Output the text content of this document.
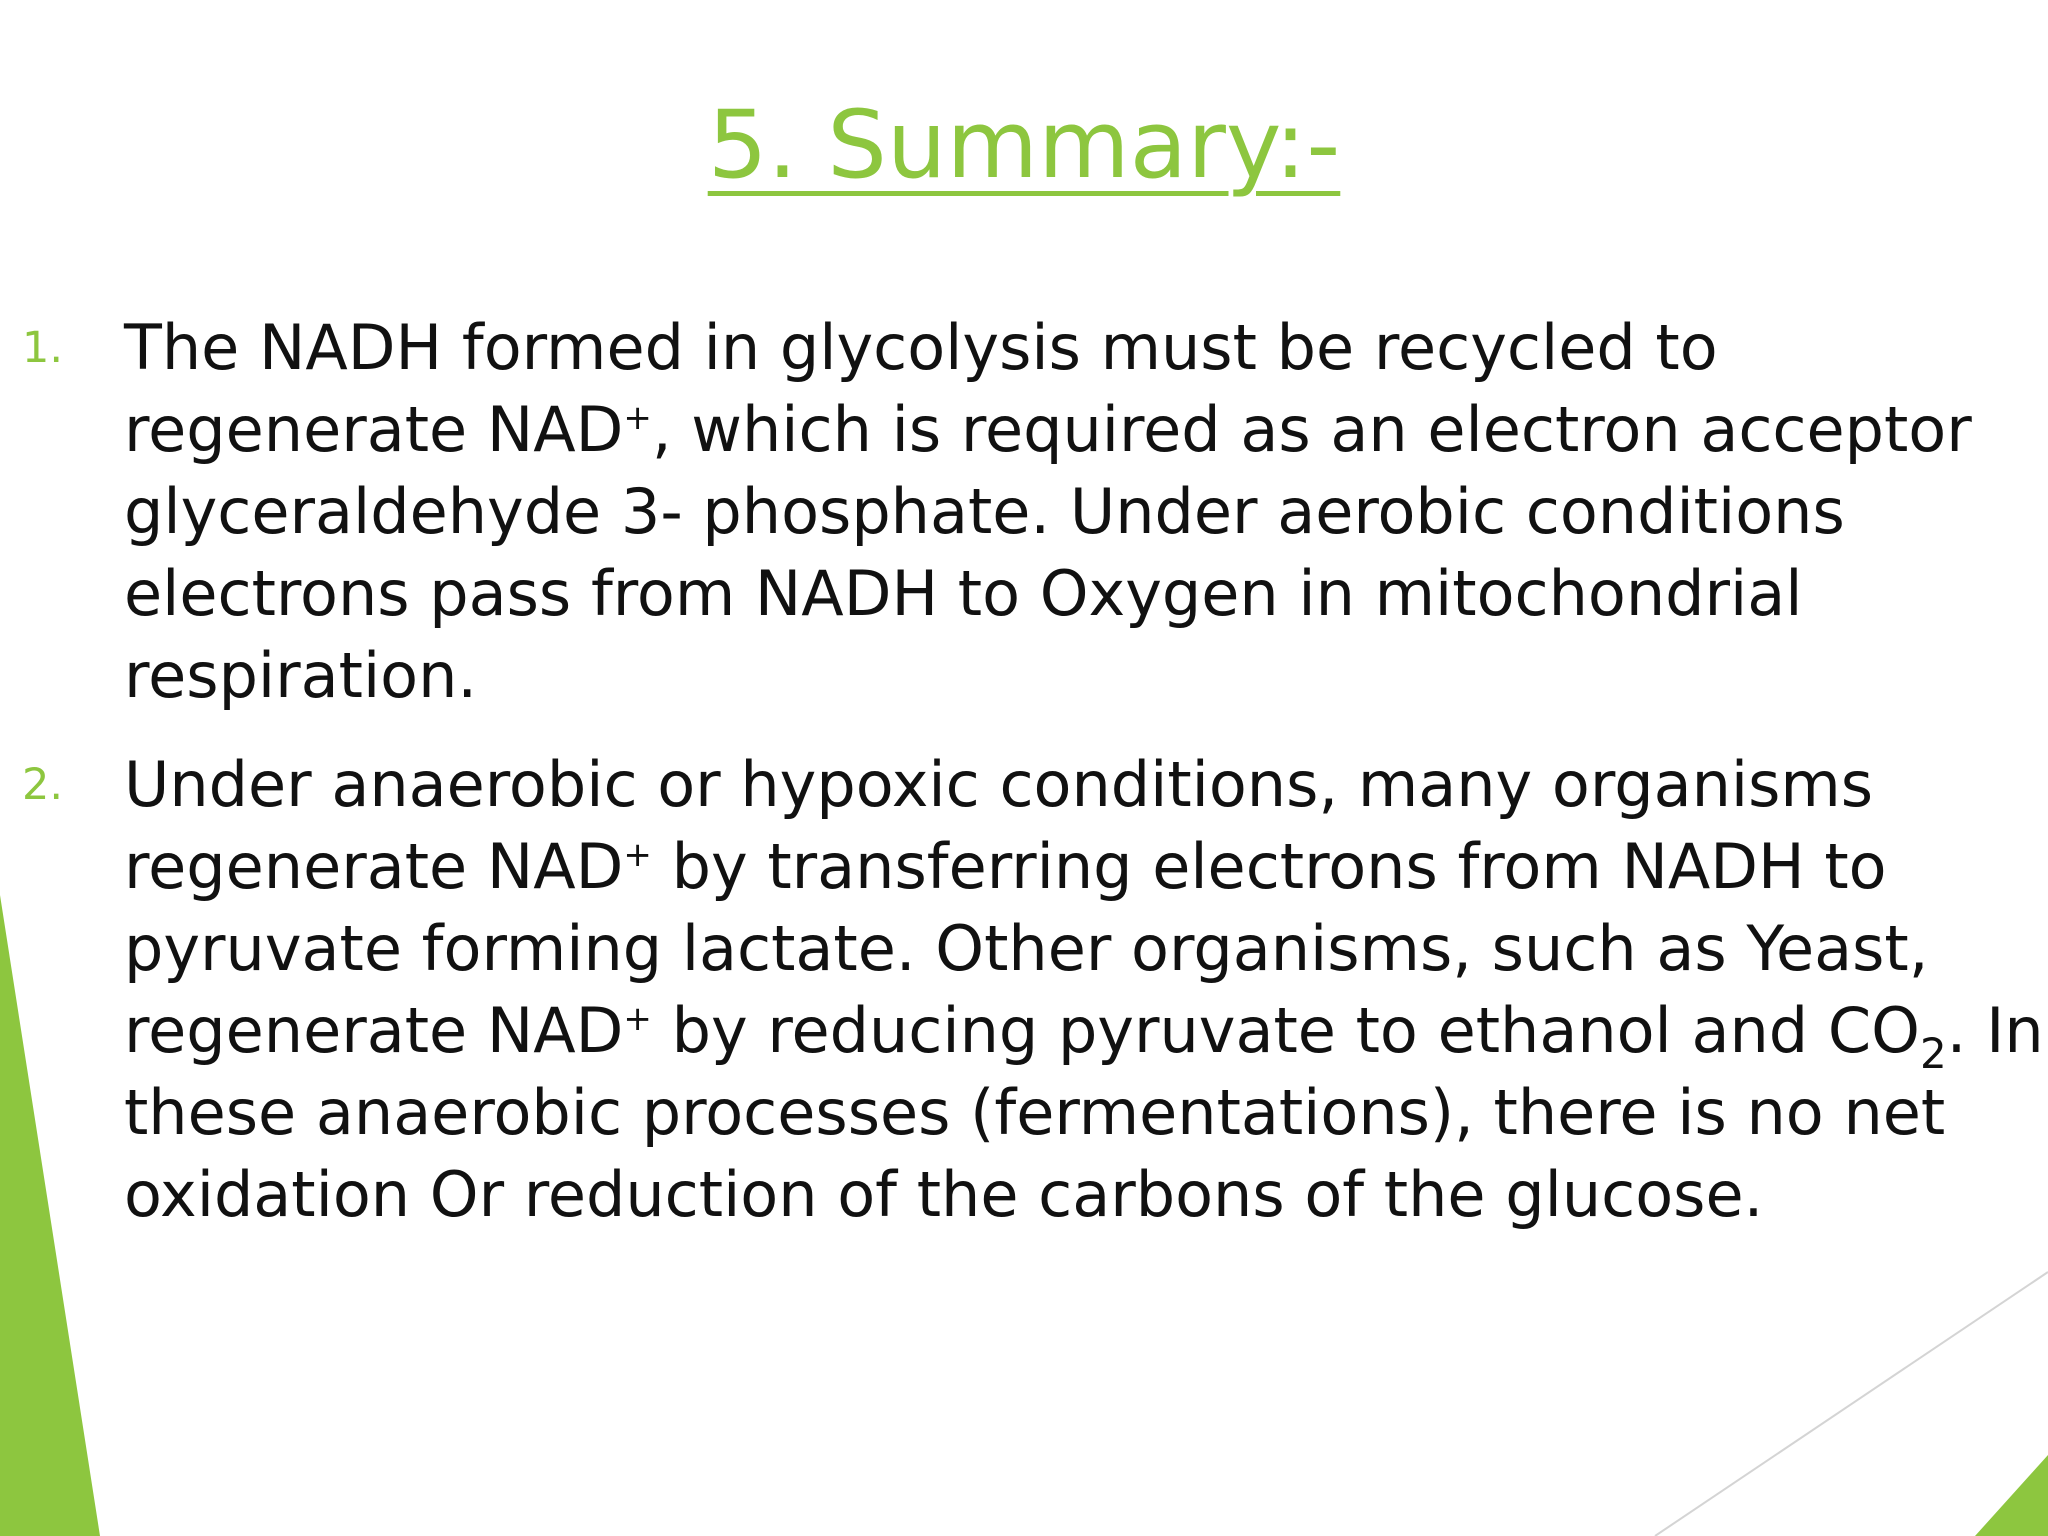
5. Summary:-
1. The NADH formed in glycolysis must be recycled to
regenerate NAD+, which is required as an electron acceptor
glyceraldehyde 3- phosphate. Under aerobic conditions
electrons pass from NADH to Oxygen in mitochondrial
respiration.
2. Under anaerobic or hypoxic conditions, many organisms
regenerate NAD+ by transferring electrons from NADH to
pyruvate forming lactate. Other organisms, such as Yeast,
regenerate NAD+ by reducing pyruvate to ethanol and $CO_2$. In
these anaerobic processes (fermentations), there is no net
oxidation Or reduction of the carbons of the glucose.
